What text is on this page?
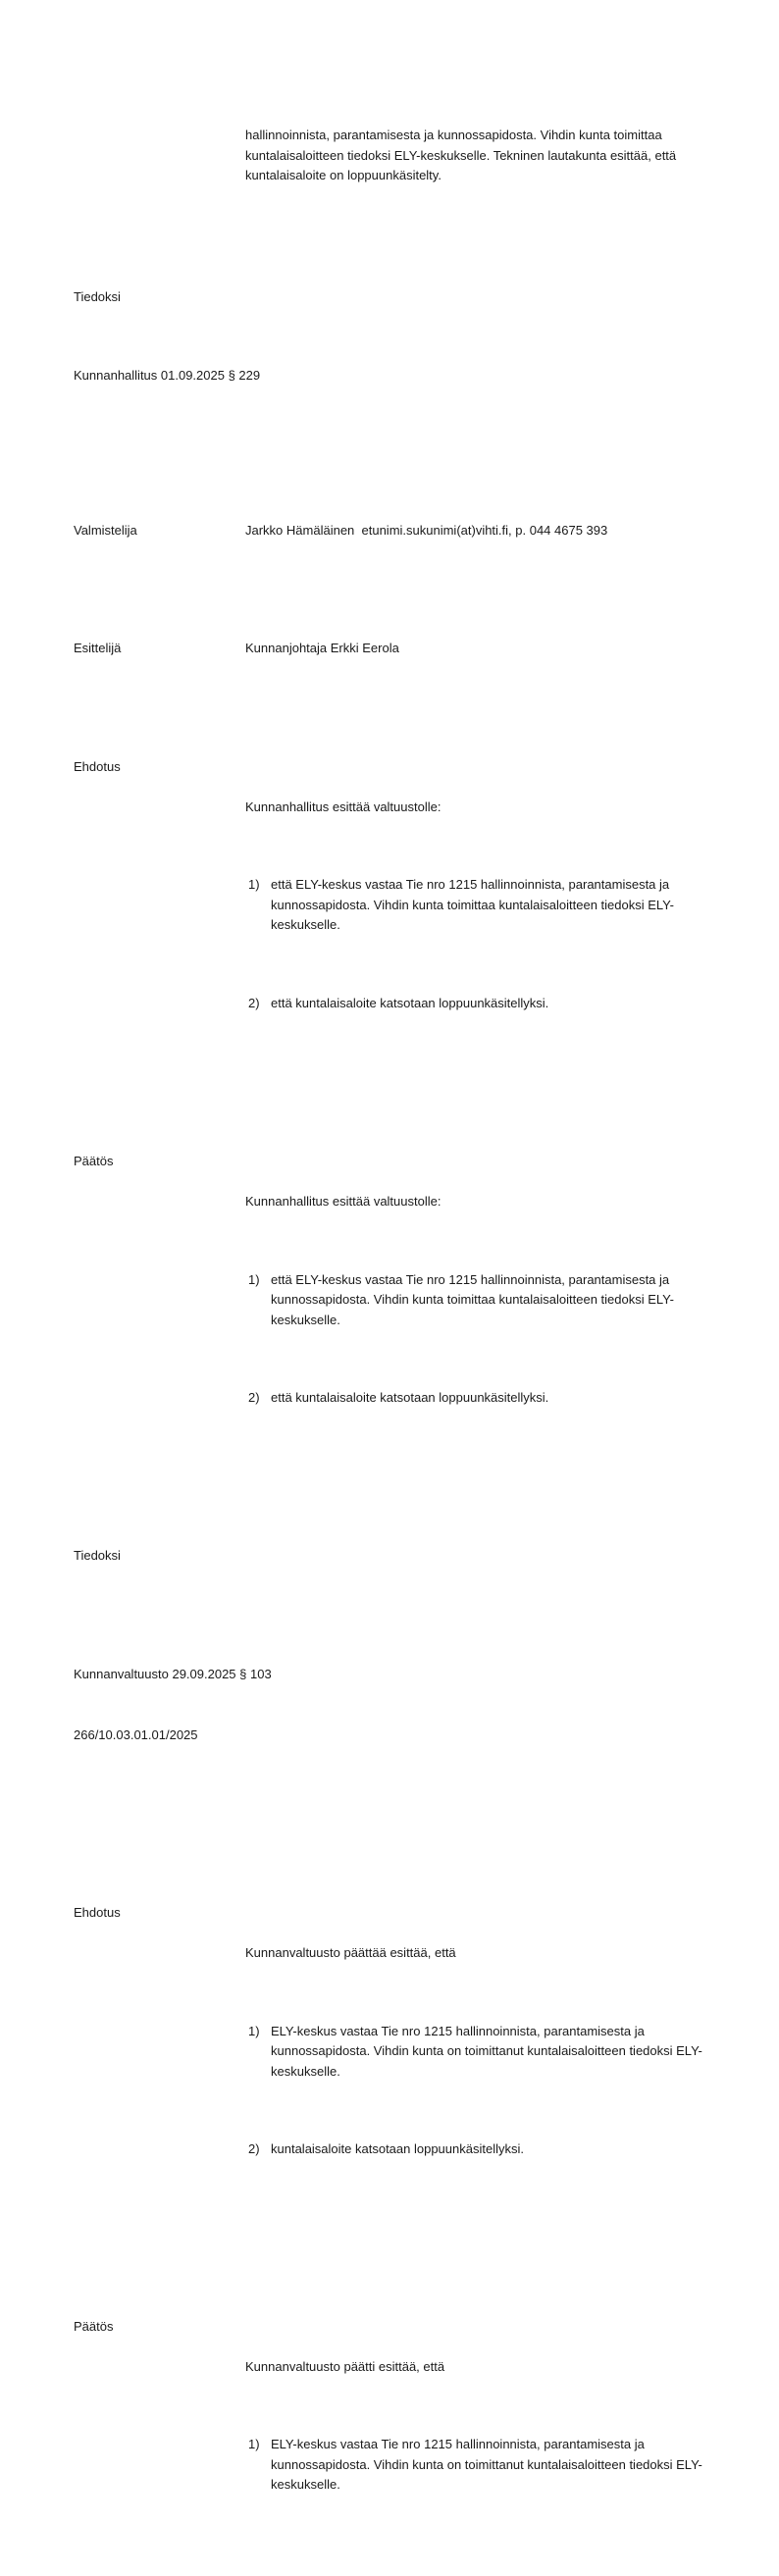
hallinnoinnista, parantamisesta ja kunnossapidosta. Vihdin kunta toimittaa kuntalaisaloitteen tiedoksi ELY-keskukselle. Tekninen lautakunta esittää, että kuntalaisaloite on loppuunkäsitelty.

Tiedoksi

Kunnanhallitus 01.09.2025 § 229

Valmistelija	Jarkko Hämäläinen  etunimi.sukunimi(at)vihti.fi, p. 044 4675 393

Esittelijä	Kunnanjohtaja Erkki Eerola

Ehdotus

Kunnanhallitus esittää valtuustolle:

1) että ELY-keskus vastaa Tie nro 1215 hallinnoinnista, parantamisesta ja kunnossapidosta. Vihdin kunta toimittaa kuntalaisaloitteen tiedoksi ELY-keskukselle.

2) että kuntalaisaloite katsotaan loppuunkäsitellyksi.

Päätös

Kunnanhallitus esittää valtuustolle:

1) että ELY-keskus vastaa Tie nro 1215 hallinnoinnista, parantamisesta ja kunnossapidosta. Vihdin kunta toimittaa kuntalaisaloitteen tiedoksi ELY-keskukselle.

2) että kuntalaisaloite katsotaan loppuunkäsitellyksi.

Tiedoksi

Kunnanvaltuusto 29.09.2025 § 103

266/10.03.01.01/2025

Ehdotus

Kunnanvaltuusto päättää esittää, että

1) ELY-keskus vastaa Tie nro 1215 hallinnoinnista, parantamisesta ja kunnossapidosta. Vihdin kunta on toimittanut kuntalaisaloitteen tiedoksi ELY-keskukselle.

2) kuntalaisaloite katsotaan loppuunkäsitellyksi.

Päätös

Kunnanvaltuusto päätti esittää, että

1) ELY-keskus vastaa Tie nro 1215 hallinnoinnista, parantamisesta ja kunnossapidosta. Vihdin kunta on toimittanut kuntalaisaloitteen tiedoksi ELY-keskukselle.
